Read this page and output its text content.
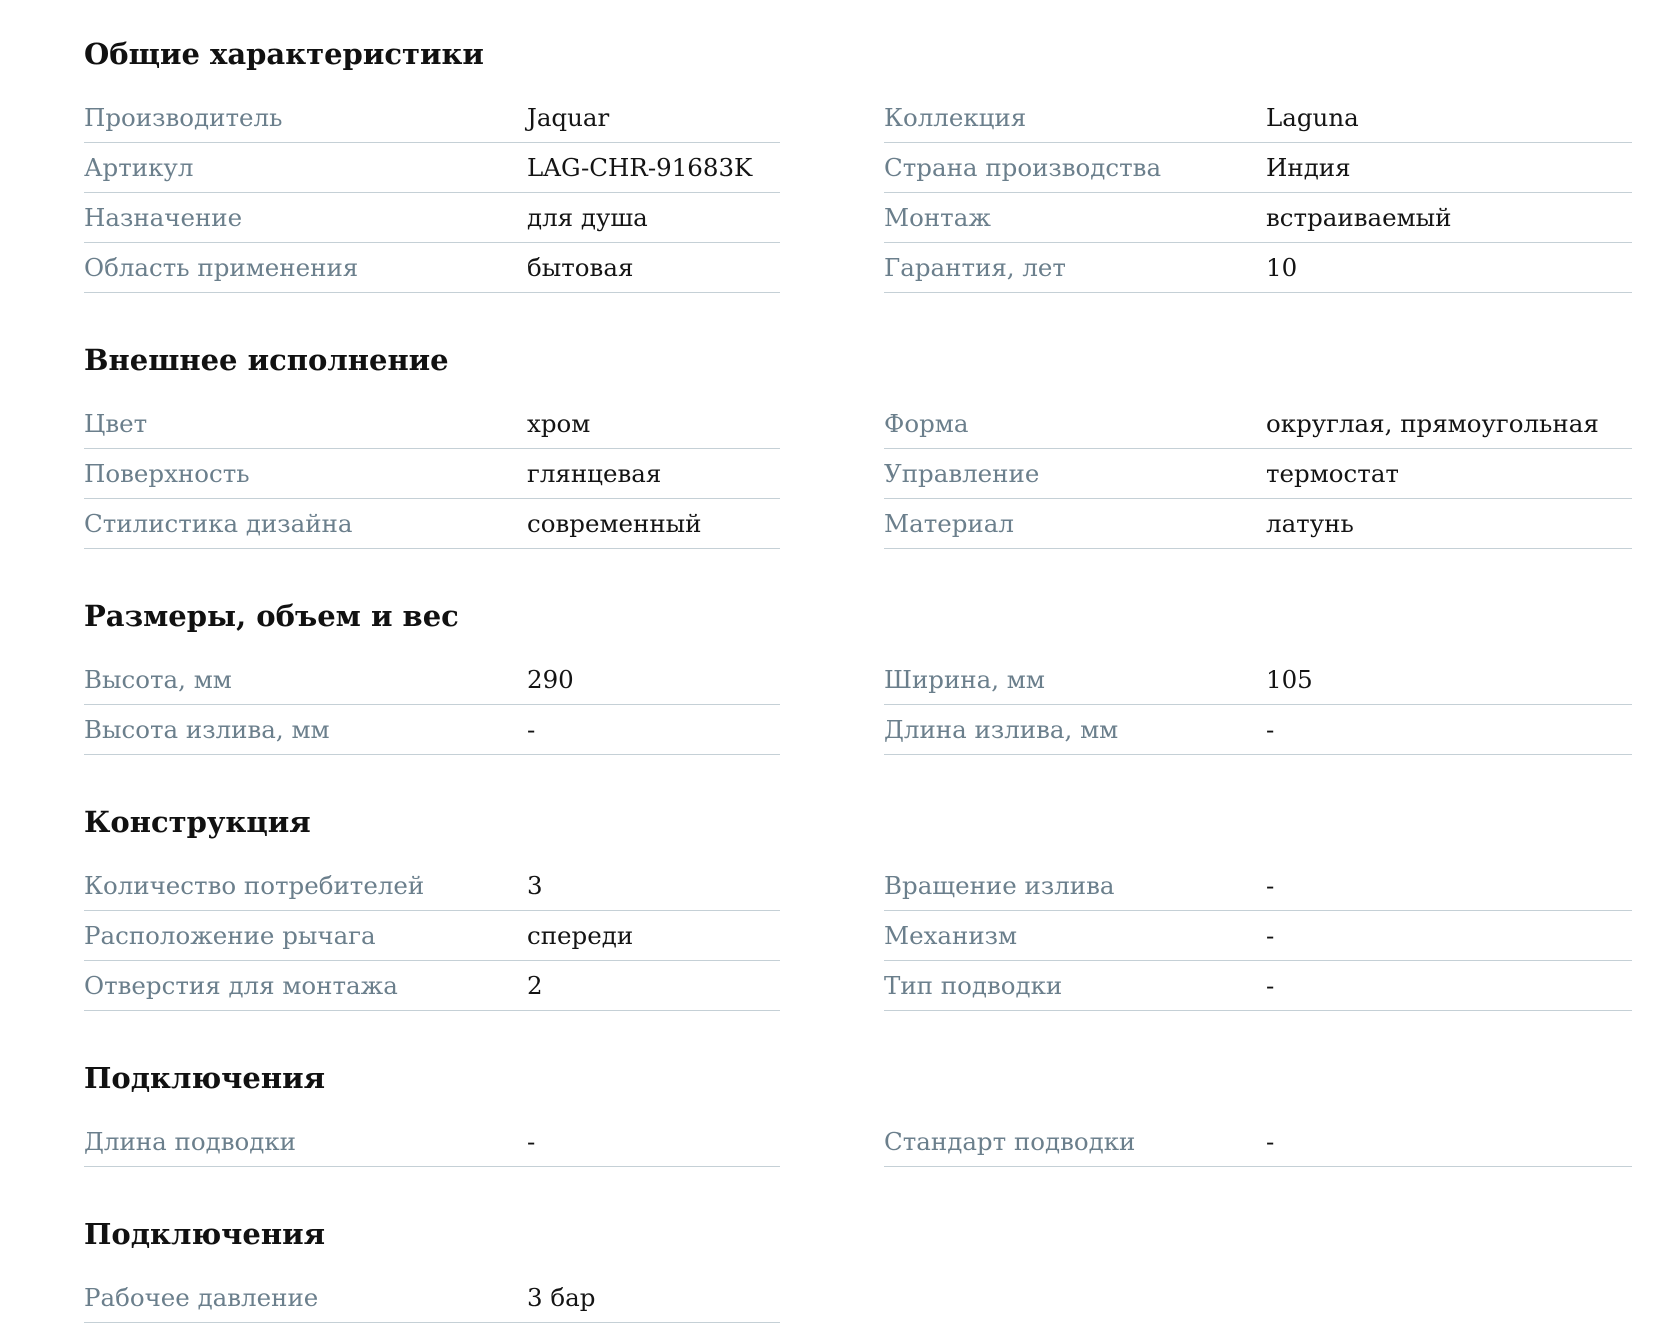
Общие характеристики
Производитель	Jaquar
Артикул	LAG-CHR-91683K
Назначение	для душа
Область применения	бытовая
Коллекция	Laguna
Страна производства	Индия
Монтаж	встраиваемый
Гарантия, лет	10
Внешнее исполнение
Цвет	хром
Поверхность	глянцевая
Стилистика дизайна	современный
Форма	округлая, прямоугольная
Управление	термостат
Материал	латунь
Размеры, объем и вес
Высота, мм	290
Высота излива, мм	-
Ширина, мм	105
Длина излива, мм	-
Конструкция
Количество потребителей	3
Расположение рычага	спереди
Отверстия для монтажа	2
Вращение излива	-
Механизм	-
Тип подводки	-
Подключения
Длина подводки	-	Стандарт подводки	-
Подключения
Рабочее давление	3 бар
